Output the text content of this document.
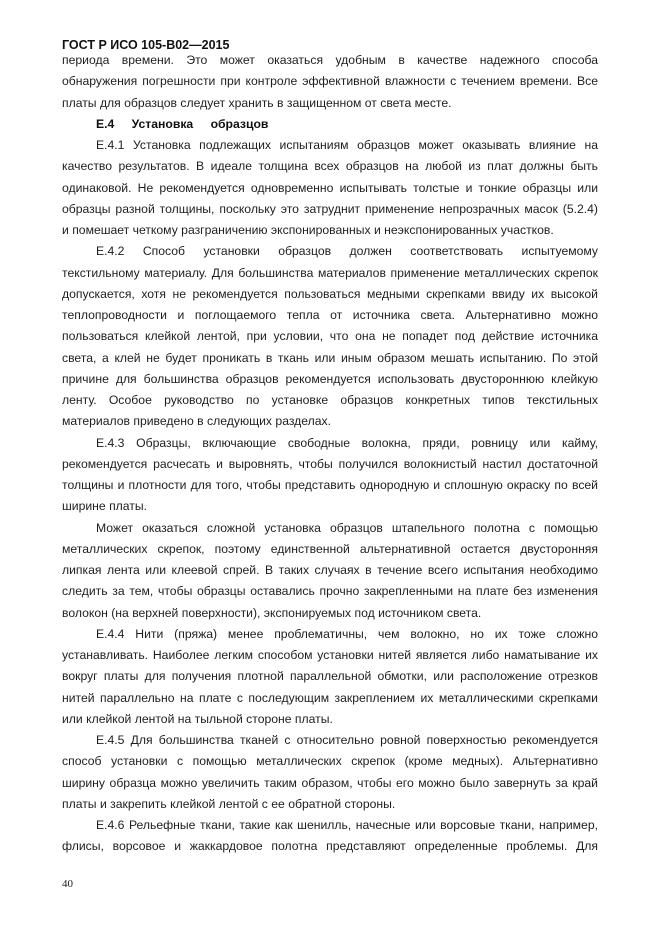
ГОСТ Р ИСО 105-В02—2015
периода времени. Это может оказаться удобным в качестве надежного способа
обнаружения погрешности при контроле эффективной влажности с течением времени. Все
платы для образцов следует хранить в защищенном от света месте.
Е.4 Установка образцов
Е.4.1 Установка подлежащих испытаниям образцов может оказывать влияние на
качество результатов. В идеале толщина всех образцов на любой из плат должны быть
одинаковой. Не рекомендуется одновременно испытывать толстые и тонкие образцы или
образцы разной толщины, поскольку это затруднит применение непрозрачных масок (5.2.4)
и помешает четкому разграничению экспонированных и неэкспонированных участков.
Е.4.2 Способ установки образцов должен соответствовать испытуемому
текстильному материалу. Для большинства материалов применение металлических скрепок
допускается, хотя не рекомендуется пользоваться медными скрепками ввиду их высокой
теплопроводности и поглощаемого тепла от источника света. Альтернативно можно
пользоваться клейкой лентой, при условии, что она не попадет под действие источника
света, а клей не будет проникать в ткань или иным образом мешать испытанию. По этой
причине для большинства образцов рекомендуется использовать двустороннюю клейкую
ленту. Особое руководство по установке образцов конкретных типов текстильных
материалов приведено в следующих разделах.
Е.4.3 Образцы, включающие свободные волокна, пряди, ровницу или кайму,
рекомендуется расчесать и выровнять, чтобы получился волокнистый настил достаточной
толщины и плотности для того, чтобы представить однородную и сплошную окраску по всей
ширине платы.
Может оказаться сложной установка образцов штапельного полотна с помощью
металлических скрепок, поэтому единственной альтернативной остается двусторонняя
липкая лента или клеевой спрей. В таких случаях в течение всего испытания необходимо
следить за тем, чтобы образцы оставались прочно закрепленными на плате без изменения
волокон (на верхней поверхности), экспонируемых под источником света.
Е.4.4 Нити (пряжа) менее проблематичны, чем волокно, но их тоже сложно
устанавливать. Наиболее легким способом установки нитей является либо наматывание их
вокруг платы для получения плотной параллельной обмотки, или расположение отрезков
нитей параллельно на плате с последующим закреплением их металлическими скрепками
или клейкой лентой на тыльной стороне платы.
Е.4.5 Для большинства тканей с относительно ровной поверхностью рекомендуется
способ установки с помощью металлических скрепок (кроме медных). Альтернативно
ширину образца можно увеличить таким образом, чтобы его можно было завернуть за край
платы и закрепить клейкой лентой с ее обратной стороны.
Е.4.6 Рельефные ткани, такие как шенилль, начесные или ворсовые ткани, например,
флисы, ворсовое и жаккардовое полотна представляют определенные проблемы. Для
40
